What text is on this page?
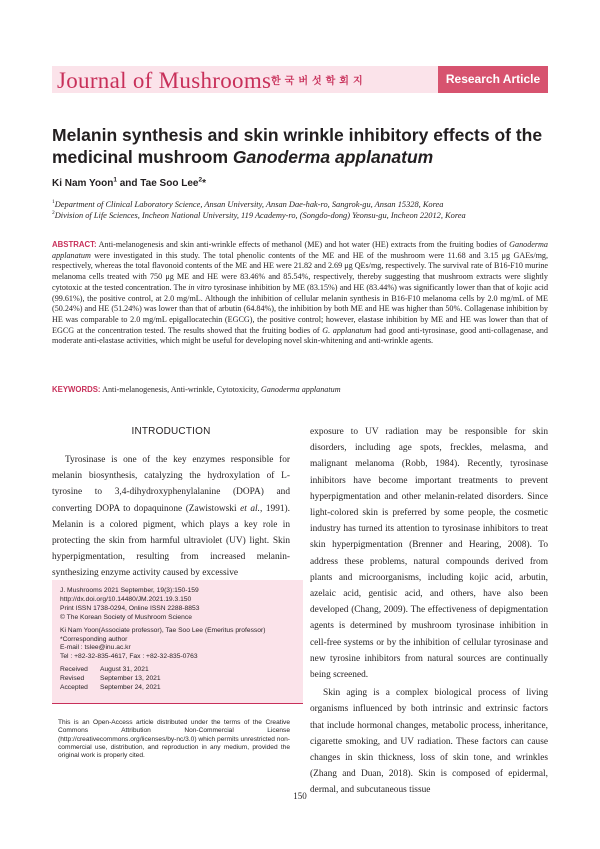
Journal of Mushrooms 한국버섯학회지	Research Article
Melanin synthesis and skin wrinkle inhibitory effects of the
medicinal mushroom Ganoderma applanatum
Ki Nam Yoon$^1$ and Tae Soo Lee$^2$*
$^1$Department of Clinical Laboratory Science, Ansan University, Ansan Dae-hak-ro, Sangrok-gu, Ansan 15328, Korea
$^2$Division of Life Sciences, Incheon National University, 119 Academy-ro, (Songdo-dong) Yeonsu-gu, Incheon 22012, Korea
ABSTRACT: Anti-melanogenesis and skin anti-wrinkle effects of methanol (ME) and hot water (HE) extracts from the fruiting bodies of Ganoderma applanatum were investigated in this study. The total phenolic contents of the ME and HE of the mushroom were 11.68 and 3.15 μg GAEs/mg, respectively, whereas the total flavonoid contents of the ME and HE were 21.82 and 2.69 μg QEs/mg, respectively. The survival rate of B16-F10 murine melanoma cells treated with 750 μg ME and HE were 83.46% and 85.54%, respectively, thereby suggesting that mushroom extracts were slightly cytotoxic at the tested concentration. The in vitro tyrosinase inhibition by ME (83.15%) and HE (83.44%) was significantly lower than that of kojic acid (99.61%), the positive control, at 2.0 mg/mL. Although the inhibition of cellular melanin synthesis in B16-F10 melanoma cells by 2.0 mg/mL of ME (50.24%) and HE (51.24%) was lower than that of arbutin (64.84%), the inhibition by both ME and HE was higher than 50%. Collagenase inhibition by HE was comparable to 2.0 mg/mL epigallocatechin (EGCG), the positive control; however, elastase inhibition by ME and HE was lower than that of EGCG at the concentration tested. The results showed that the fruiting bodies of G. applanatum had good anti-tyrosinase, good anti-collagenase, and moderate anti-elastase activities, which might be useful for developing novel skin-whitening and anti-wrinkle agents.
KEYWORDS: Anti-melanogenesis, Anti-wrinkle, Cytotoxicity, Ganoderma applanatum
INTRODUCTION

Tyrosinase is one of the key enzymes responsible for melanin biosynthesis, catalyzing the hydroxylation of L-tyrosine to 3,4-dihydroxyphenylalanine (DOPA) and converting DOPA to dopaquinone (Zawistowski et al., 1991). Melanin is a colored pigment, which plays a key role in protecting the skin from harmful ultraviolet (UV) light. Skin hyperpigmentation, resulting from increased melanin-synthesizing enzyme activity caused by excessive

exposure to UV radiation may be responsible for skin disorders, including age spots, freckles, melasma, and malignant melanoma (Robb, 1984). Recently, tyrosinase inhibitors have become important treatments to prevent hyperpigmentation and other melanin-related disorders. Since light-colored skin is preferred by some people, the cosmetic industry has turned its attention to tyrosinase inhibitors to treat skin hyperpigmentation (Brenner and Hearing, 2008). To address these problems, natural compounds derived from plants and microorganisms, including kojic acid, arbutin, azelaic acid, gentisic acid, and others, have also been developed (Chang, 2009). The effectiveness of depigmentation agents is determined by mushroom tyrosinase inhibition in cell-free systems or by the inhibition of cellular tyrosinase and new tyrosine inhibitors from natural sources are continually being screened.

Skin aging is a complex biological process of living organisms influenced by both intrinsic and extrinsic factors that include hormonal changes, metabolic process, inheritance, cigarette smoking, and UV radiation. These factors can cause changes in skin thickness, loss of skin tone, and wrinkles (Zhang and Duan, 2018). Skin is composed of epidermal, dermal, and subcutaneous tissue

J. Mushrooms 2021 September, 19(3):150-159
http://dx.doi.org/10.14480/JM.2021.19.3.150
Print ISSN 1738-0294, Online ISSN 2288-8853
© The Korean Society of Mushroom Science
Ki Nam Yoon(Associate professor), Tae Soo Lee (Emeritus professor)
*Corresponding author
E-mail : tslee@inu.ac.kr
Tel : +82-32-835-4617, Fax : +82-32-835-0763
Received	August 31, 2021
Revised	September 13, 2021
Accepted	September 24, 2021
This is an Open-Access article distributed under the terms of the Creative Commons Attribution Non-Commercial License (http://creativecommons.org/licenses/by-nc/3.0) which permits unrestricted non-commercial use, distribution, and reproduction in any medium, provided the original work is properly cited.
150
